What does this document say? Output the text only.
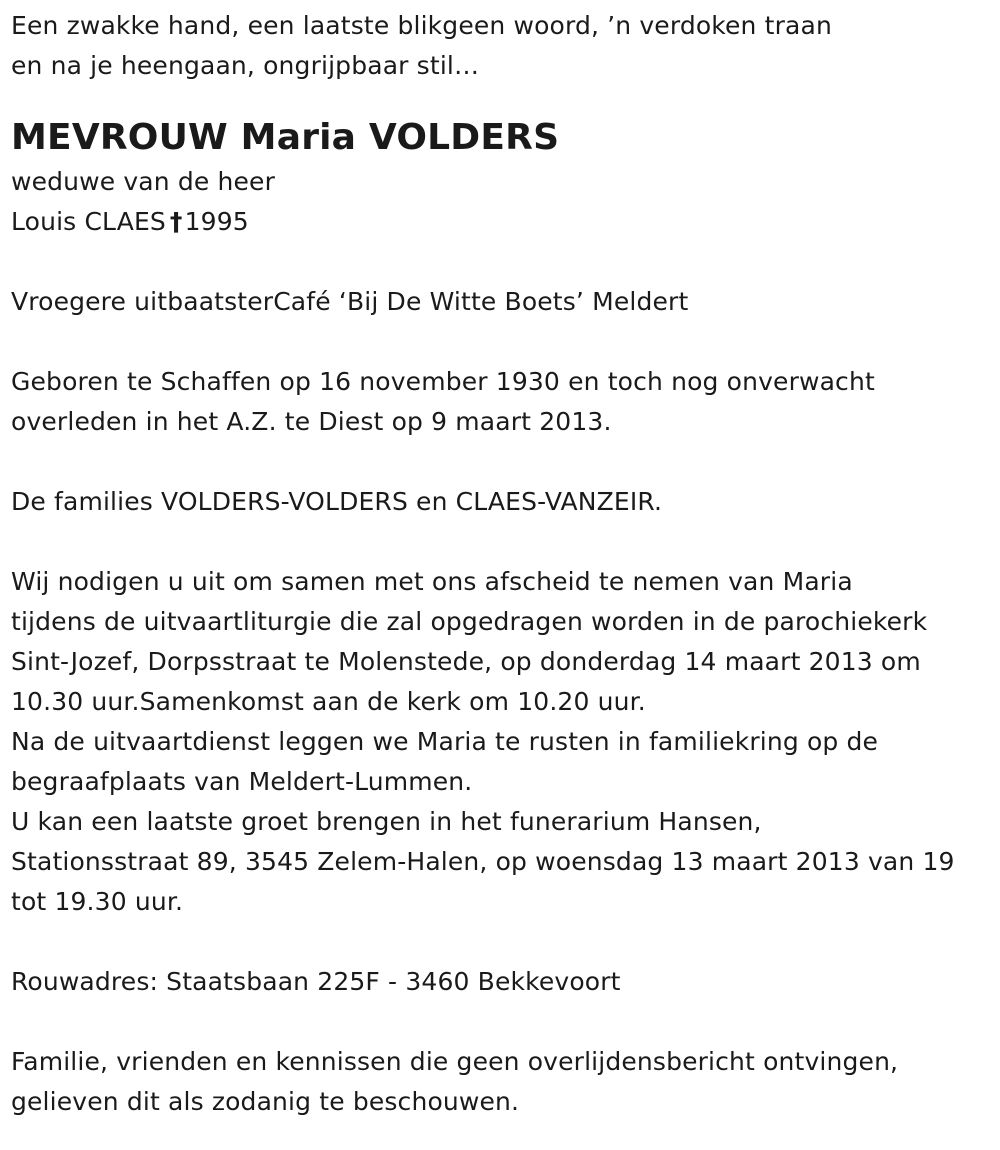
Een zwakke hand, een laatste blikgeen woord, ’n verdoken traan
en na je heengaan, ongrijpbaar stil…
MEVROUW Maria VOLDERS
weduwe van de heer
Louis CLAES †1995
Vroegere uitbaatsterCafé ‘Bij De Witte Boets’ Meldert
Geboren te Schaffen op 16 november 1930 en toch nog onverwacht
overleden in het A.Z. te Diest op 9 maart 2013.
De families VOLDERS-VOLDERS en CLAES-VANZEIR.
Wij nodigen u uit om samen met ons afscheid te nemen van Maria
tijdens de uitvaartliturgie die zal opgedragen worden in de parochiekerk
Sint-Jozef, Dorpsstraat te Molenstede, op donderdag 14 maart 2013 om
10.30 uur.Samenkomst aan de kerk om 10.20 uur.
Na de uitvaartdienst leggen we Maria te rusten in familiekring op de
begraafplaats van Meldert-Lummen.
U kan een laatste groet brengen in het funerarium Hansen,
Stationsstraat 89, 3545 Zelem-Halen, op woensdag 13 maart 2013 van 19
tot 19.30 uur.
Rouwadres: Staatsbaan 225F - 3460 Bekkevoort
Familie, vrienden en kennissen die geen overlijdensbericht ontvingen,
gelieven dit als zodanig te beschouwen.
